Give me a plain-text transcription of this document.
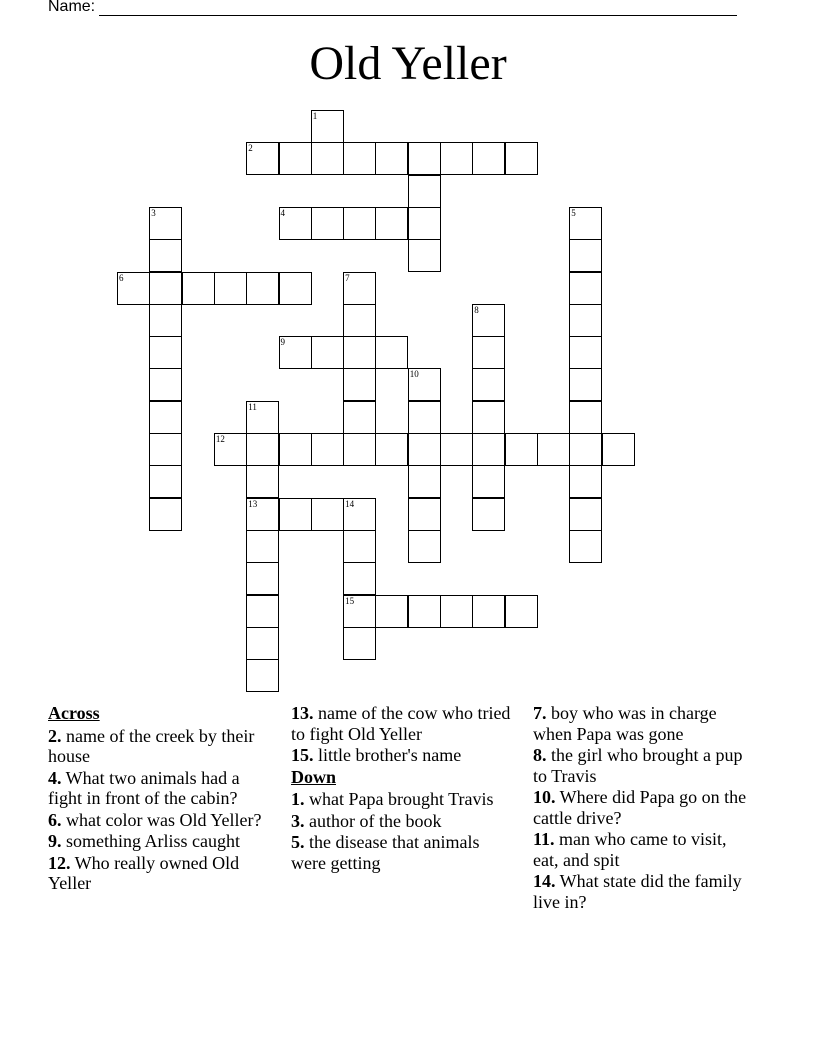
Name:
Old Yeller
1
2
3	4	5
6	7
8
9
10
11
12
13	14
15
Across
2. name of the creek by their house
4. What two animals had a fight in front of the cabin?
6. what color was Old Yeller?
9. something Arliss caught
12. Who really owned Old Yeller
13. name of the cow who tried to fight Old Yeller
15. little brother's name
Down
1. what Papa brought Travis
3. author of the book
5. the disease that animals were getting
7. boy who was in charge when Papa was gone
8. the girl who brought a pup to Travis
10. Where did Papa go on the cattle drive?
11. man who came to visit, eat, and spit
14. What state did the family live in?
